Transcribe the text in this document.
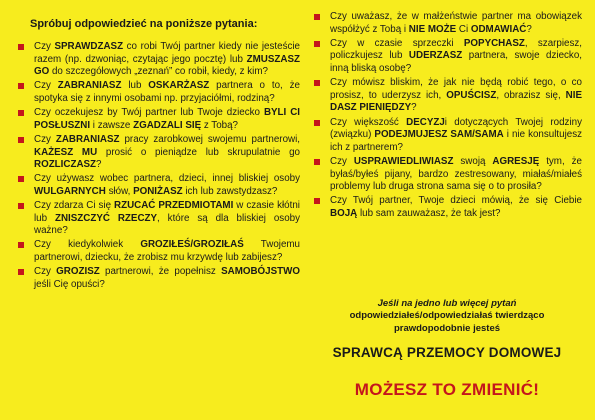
Spróbuj odpowiedzieć na poniższe pytania:
Czy SPRAWDZASZ co robi Twój partner kiedy nie jesteście razem (np. dzwoniąc, czytając jego pocztę) lub ZMUSZASZ GO do szczegółowych „zeznań” co robił, kiedy, z kim?
Czy ZABRANIASZ lub OSKARŻASZ partnera o to, że spotyka się z innymi osobami np. przyjaciółmi, rodziną?
Czy oczekujesz by Twój partner lub Twoje dziecko BYLI CI POSŁUSZNI i zawsze ZGADZALI SIĘ z Tobą?
Czy ZABRANIASZ pracy zarobkowej swojemu partnerowi, KAŻESZ MU prosić o pieniądze lub skrupulatnie go ROZLICZASZ?
Czy używasz wobec partnera, dzieci, innej bliskiej osoby WULGARNYCH słów, PONIŻASZ ich lub zawstydzasz?
Czy zdarza Ci się RZUCAĆ PRZEDMIOTAMI w czasie kłótni lub ZNISZCZYĆ RZECZY, które są dla bliskiej osoby ważne?
Czy kiedykolwiek GROZIŁEŚ/GROZIŁAŚ Twojemu partnerowi, dziecku, że zrobisz mu krzywdę lub zabijesz?
Czy GROZISZ partnerowi, że popełnisz SAMOBÓJSTWO jeśli Cię opuści?
Czy uważasz, że w małżeństwie partner ma obowiązek współżyć z Tobą i NIE MOŻE Ci ODMAWIAĆ?
Czy w czasie sprzeczki POPYCHASZ, szarpiesz, policzkujesz lub UDERZASZ partnera, swoje dziecko, inną bliską osobę?
Czy mówisz bliskim, że jak nie będą robić tego, o co prosisz, to uderzysz ich, OPUŚCISZ, obrazisz się, NIE DASZ PIENIĘDZY?
Czy większość DECYZJi dotyczących Twojej rodziny (związku) PODEJMUJESZ SAM/SAMA i nie konsultujesz ich z partnerem?
Czy USPRAWIEDLIWIASZ swoją AGRESJĘ tym, że byłaś/byłeś pijany, bardzo zestresowany, miałaś/miałeś problemy lub druga strona sama się o to prosiła?
Czy Twój partner, Twoje dzieci mówią, że się Ciebie BOJĄ lub sam zauważasz, że tak jest?
Jeśli na jedno lub więcej pytań
odpowiedziałeś/odpowiedziałaś twierdząco
prawdopodobnie jesteś
SPRAWCĄ PRZEMOCY DOMOWEJ
MOŻESZ TO ZMIENIĆ!
